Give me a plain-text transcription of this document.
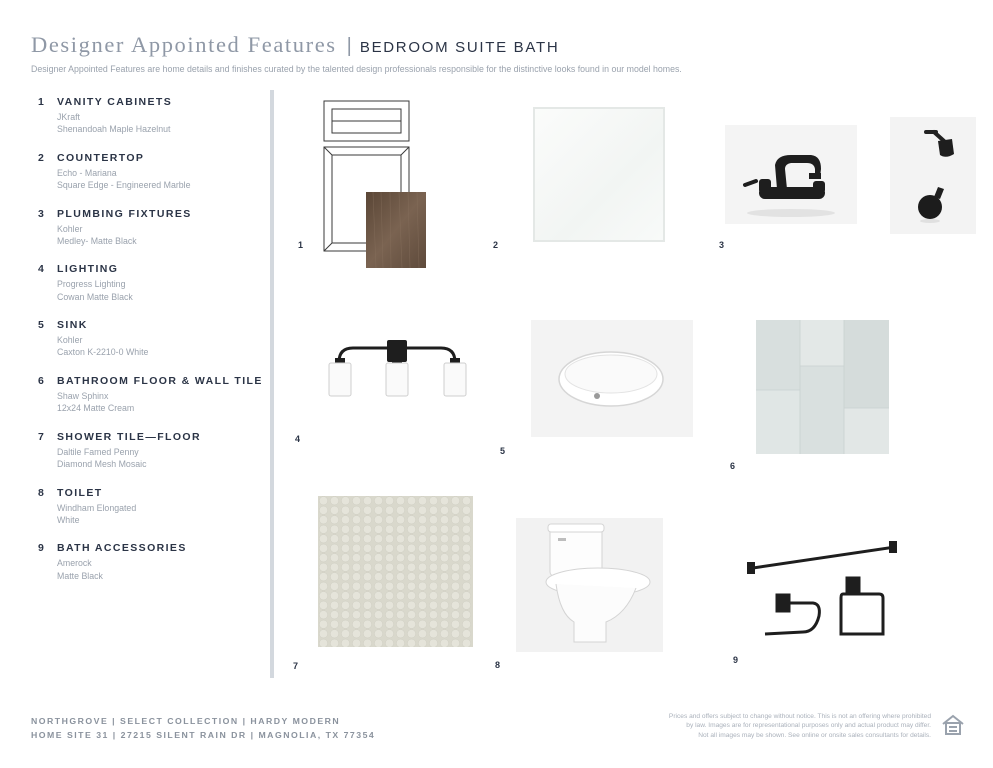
Designer Appointed Features | BEDROOM SUITE BATH
Designer Appointed Features are home details and finishes curated by the talented design professionals responsible for the distinctive looks found in our model homes.
1	VANITY CABINETS
JKraft
Shenandoah Maple Hazelnut
2	COUNTERTOP
Echo - Mariana
Square Edge - Engineered Marble
3	PLUMBING FIXTURES
Kohler
Medley- Matte Black
4	LIGHTING
Progress Lighting
Cowan Matte Black
5	SINK
Kohler
Caxton K-2210-0 White
6	BATHROOM FLOOR & WALL TILE
Shaw Sphinx
12x24 Matte Cream
7	SHOWER TILE—FLOOR
Daltile Famed Penny
Diamond Mesh Mosaic
8	TOILET
Windham Elongated
White
9	BATH ACCESSORIES
Amerock
Matte Black
1	2	3
4
5
6
7	8	9
NORTHGROVE | SELECT COLLECTION | HARDY MODERN
HOME SITE 31 | 27215 SILENT RAIN DR | MAGNOLIA, TX 77354
Prices and offers subject to change without notice. This is not an offering where prohibited
by law. Images are for representational purposes only and actual product may differ.
Not all images may be shown. See online or onsite sales consultants for details.
